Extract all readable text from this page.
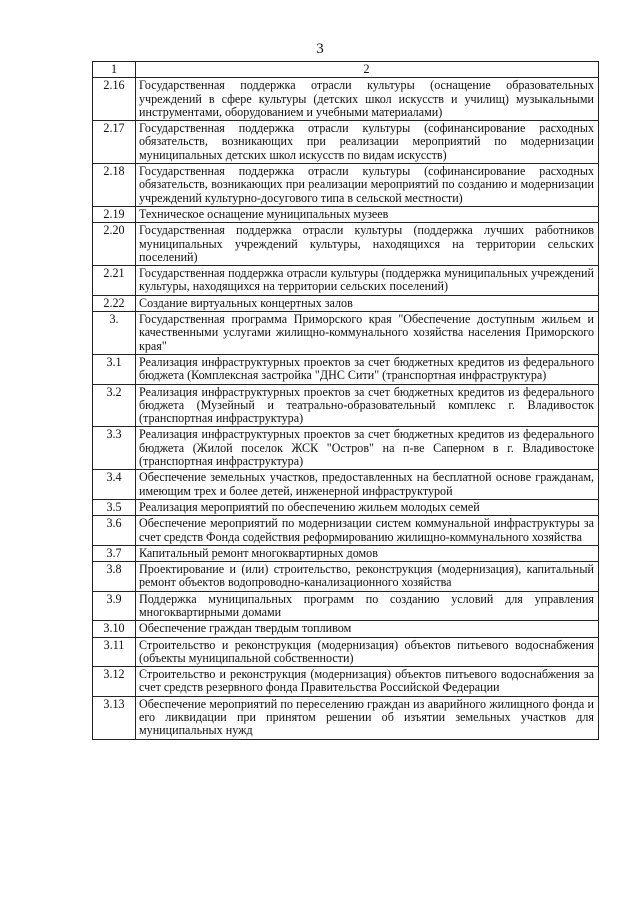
3
1	2
2.16	Государственная поддержка отрасли культуры (оснащение образовательных учреждений в сфере культуры (детских школ искусств и училищ) музыкальными инструментами, оборудованием и учебными материалами)
2.17	Государственная поддержка отрасли культуры (софинансирование расходных обязательств, возникающих при реализации мероприятий по модернизации муниципальных детских школ искусств по видам искусств)
2.18	Государственная поддержка отрасли культуры (софинансирование расходных обязательств, возникающих при реализации мероприятий по созданию и модернизации учреждений культурно-досугового типа в сельской местности)
2.19	Техническое оснащение муниципальных музеев
2.20	Государственная поддержка отрасли культуры (поддержка лучших работников муниципальных учреждений культуры, находящихся на территории сельских поселений)
2.21	Государственная поддержка отрасли культуры (поддержка муниципальных учреждений культуры, находящихся на территории сельских поселений)
2.22	Создание виртуальных концертных залов
3.	Государственная программа Приморского края "Обеспечение доступным жильем и качественными услугами жилищно-коммунального хозяйства населения Приморского края"
3.1	Реализация инфраструктурных проектов за счет бюджетных кредитов из федерального бюджета (Комплексная застройка "ДНС Сити" (транспортная инфраструктура)
3.2	Реализация инфраструктурных проектов за счет бюджетных кредитов из федерального бюджета (Музейный и театрально-образовательный комплекс г. Владивосток (транспортная инфраструктура)
3.3	Реализация инфраструктурных проектов за счет бюджетных кредитов из федерального бюджета (Жилой поселок ЖСК "Остров" на п-ве Саперном в г. Владивостоке (транспортная инфраструктура)
3.4	Обеспечение земельных участков, предоставленных на бесплатной основе гражданам, имеющим трех и более детей, инженерной инфраструктурой
3.5	Реализация мероприятий по обеспечению жильем молодых семей
3.6	Обеспечение мероприятий по модернизации систем коммунальной инфраструктуры за счет средств Фонда содействия реформированию жилищно-коммунального хозяйства
3.7	Капитальный ремонт многоквартирных домов
3.8	Проектирование и (или) строительство, реконструкция (модернизация), капитальный ремонт объектов водопроводно-канализационного хозяйства
3.9	Поддержка муниципальных программ по созданию условий для управления многоквартирными домами
3.10	Обеспечение граждан твердым топливом
3.11	Строительство и реконструкция (модернизация) объектов питьевого водоснабжения (объекты муниципальной собственности)
3.12	Строительство и реконструкция (модернизация) объектов питьевого водоснабжения за счет средств резервного фонда Правительства Российской Федерации
3.13	Обеспечение мероприятий по переселению граждан из аварийного жилищного фонда и его ликвидации при принятом решении об изъятии земельных участков для муниципальных нужд
